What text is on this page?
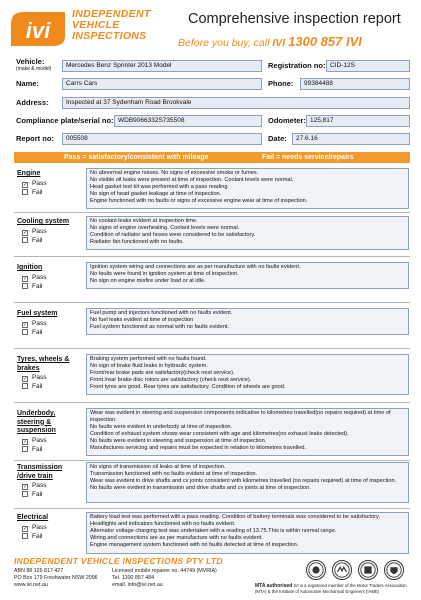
ivi
INDEPENDENT
VEHICLE
INSPECTIONS
Comprehensive inspection report
Before you buy, call IVI 1300 857 IVI
Vehicle:
(make & model)	Mercedes Benz Sprinter 2013 Model	Registration no: CID-12S
Name:	Carrs Cars	Phone:	99384488
Address:	Inspected at 37 Sydenham Road Brookvale
Compliance plate/serial no: WDB9066332S735508	Odometer: 125,817
Report no:	005508	Date:	27.6.16
Pass = satisfactory/consistent with mileage	Fail = needs service/repairs
Engine
✓ Pass
Fail

No abnormal engine noises. No signs of excessive smoke or fumes.

No visible oil leaks were present at time of inspection. Coolant levels were normal.

Head gasket test kit was performed with a pass reading.

No sign of head gasket leakage at time of inspection.

Engine functioned with no faults or signs of excessive engine wear at time of inspection.

Cooling system
✓ Pass
Fail

No coolant leaks evident at inspection time.

No signs of engine overheating. Coolant levels were normal.

Condition of radiator and hoses were considered to be satisfactory.

Radiator fan functioned with no faults.

Ignition
✓ Pass
Fail

Ignition system wiring and connections are as per manufacture with no faults evident.

No faults were found in ignition system at time of inspection.

No sign on engine misfire under load or at idle.

Fuel system
✓ Pass
Fail

Fuel pump and injectors functioned with no faults evident.

No fuel leaks evident at time of inspection

Fuel system functioned as normal with no faults evident.

Tyres, wheels & brakes
✓ Pass
Fail

Braking system performed with no faults found.

No sign of brake fluid leaks in hydraulic system.

Front/rear brake pads are satisfactory(check next service).

Front /rear brake disc rotors are satisfactory (check next service).

Front tyres are good. Rear tyres are satisfactory. Condition of wheels are good.

Underbody, steering & suspension
✓ Pass
Fail

Wear was evident in steering and suspension components indicative to kilometres travelled(no repairs required) at time of inspection.

No faults were evident in underbody at time of inspection.

Condition of exhaust system shows wear consistent with age and kilometres(no exhaust leaks detected).

No faults were evident in steering and suspension at time of inspection.

Manufactures servicing and repairs must be expected in relation to kilometres travelled.

Transmission /drive train
✓ Pass
Fail

No signs of transmission oil leaks at time of inspection.

Transmission functioned with no faults evident at time of inspection.

Wear was evident in drive shafts and cv joints consistent with kilometres travelled (no repairs required) at time of inspection.

No faults were evident in transmission and drive shafts and cv joints at time of inspection.

Electrical
✓ Pass
Fail

Battery load test was performed with a pass reading. Condition of battery terminals was considered to be satisfactory. Headlights and indicators functioned with no faults evident.

Alternator voltage charging test was undertaken with a reading of 13.75.This is within normal range.

Wiring and connections are as per manufacture with no faults evident.

Engine management system functioned with no faults detected at time of inspection.

INDEPENDENT VEHICLE INSPECTIONS PTY LTD
ABN 88 126 817 427
PO Box 179 Freshwater NSW 2096
www.ivi.net.au
Licensed mobile repairer no. 44749 (MVRIA)
Tel. 1300 857 484
email. info@ivi.net.au	MTA authorised IVI is a registered member of the Motor Traders Association (MTA) & the Institute of Automotive Mechanical Engineers (IAME)
